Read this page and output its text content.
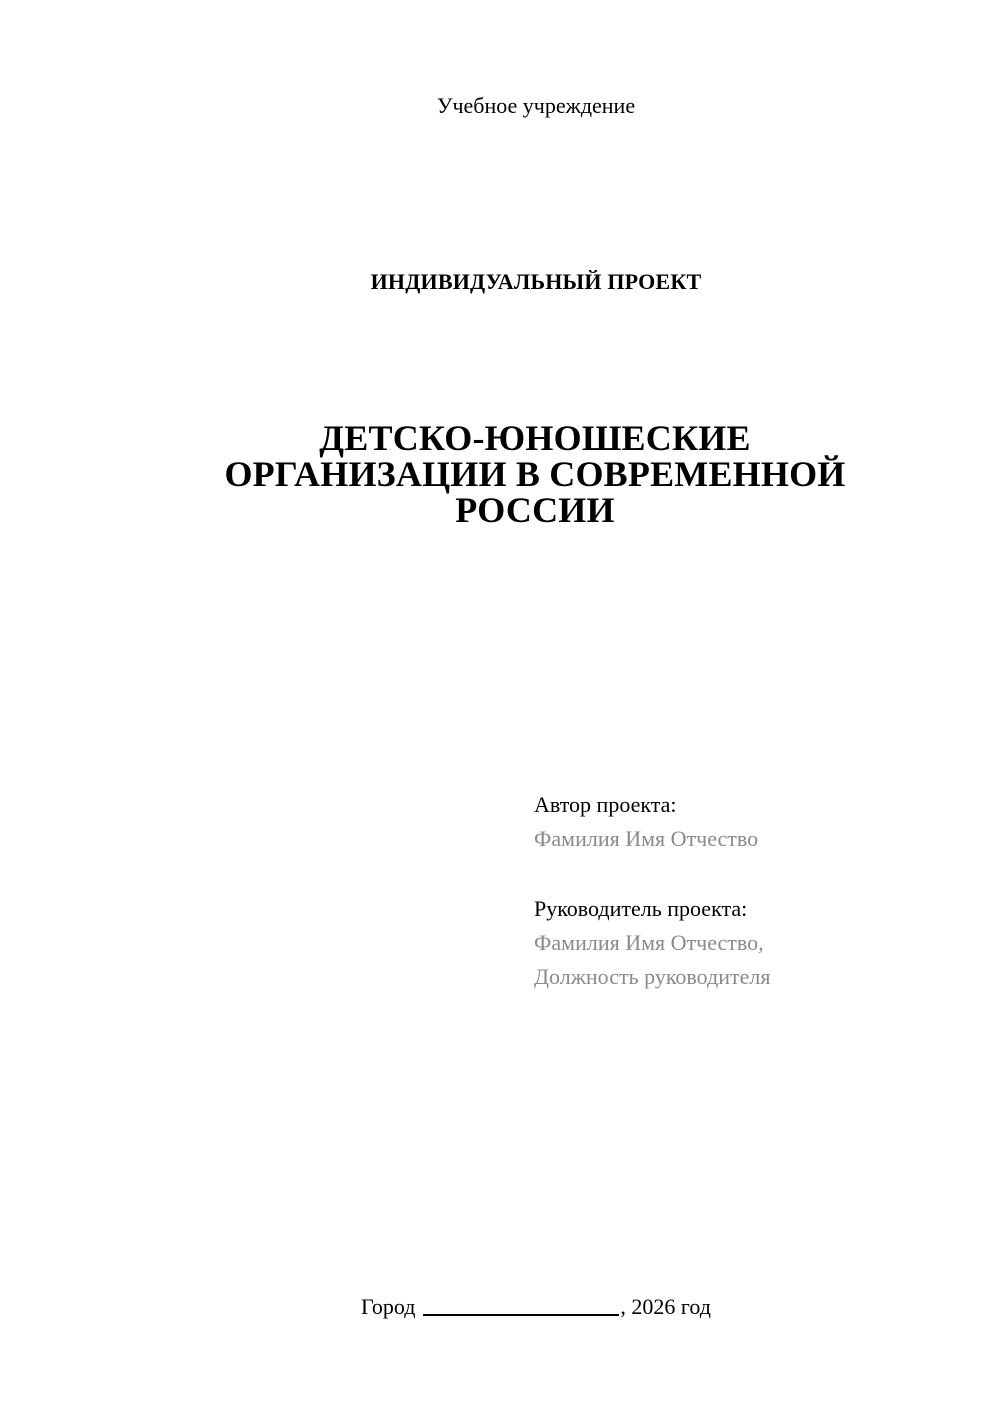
Учебное учреждение
ИНДИВИДУАЛЬНЫЙ ПРОЕКТ
ДЕТСКО-ЮНОШЕСКИЕ
ОРГАНИЗАЦИИ В СОВРЕМЕННОЙ
РОССИИ
Автор проекта:
Фамилия Имя Отчество
Руководитель проекта:
Фамилия Имя Отчество,
Должность руководителя
Город	, 2026 год
